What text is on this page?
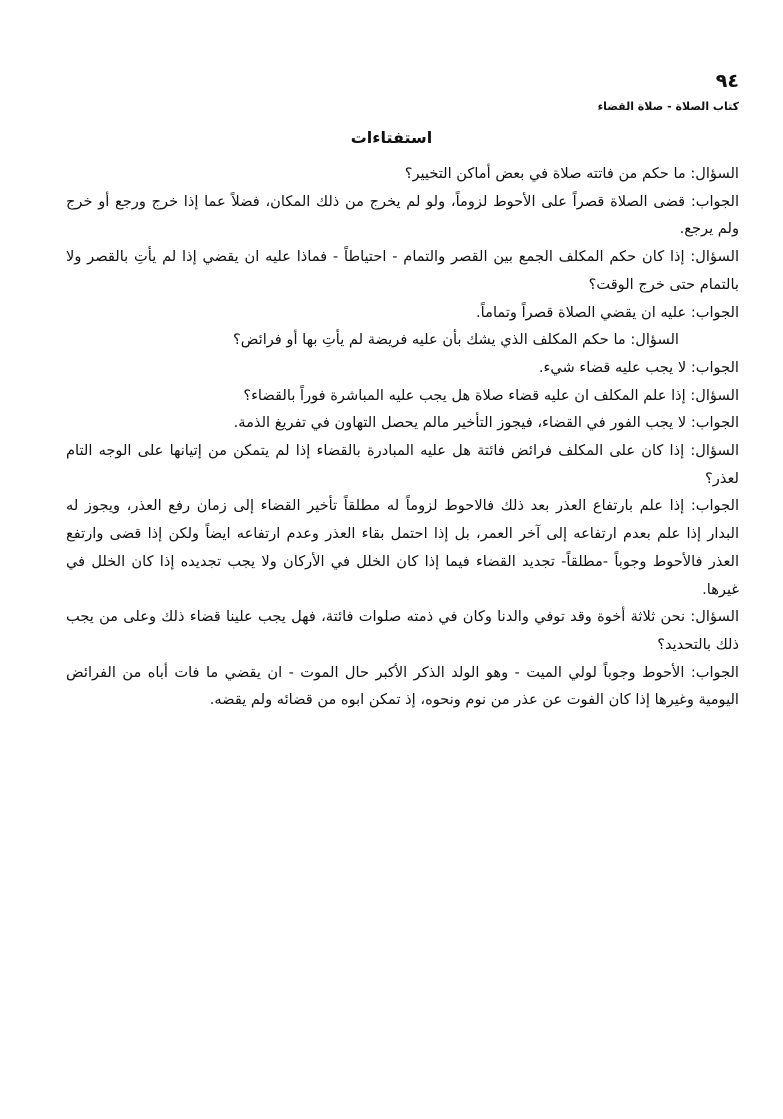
٩٤
كتاب الصلاة - صلاة القضاء
استفتاءات

السؤال: ما حكم من فاتته صلاة في بعض أماكن التخيير؟

الجواب: قضى الصلاة قصراً على الأحوط لزوماً، ولو لم يخرج من ذلك المكان، فضلاً عما إذا خرج ورجع أو خرج ولم يرجع.

السؤال: إذا كان حكم المكلف الجمع بين القصر والتمام - احتياطاً - فماذا عليه ان يقضي إذا لم يأتِ بالقصر ولا بالتمام حتى خرج الوقت؟

الجواب: عليه ان يقضي الصلاة قصراً وتماماً.

السؤال: ما حكم المكلف الذي يشك بأن عليه فريضة لم يأتِ بها أو فرائض؟

الجواب: لا يجب عليه قضاء شيء.

السؤال: إذا علم المكلف ان عليه قضاء صلاة هل يجب عليه المباشرة فوراً بالقضاء؟

الجواب: لا يجب الفور في القضاء، فيجوز التأخير مالم يحصل التهاون في تفريغ الذمة.

السؤال: إذا كان على المكلف فرائض فائتة هل عليه المبادرة بالقضاء إذا لم يتمكن من إتيانها على الوجه التام لعذر؟

الجواب: إذا علم بارتفاع العذر بعد ذلك فالاحوط لزوماً له مطلقاً تأخير القضاء إلى زمان رفع العذر، ويجوز له البدار إذا علم بعدم ارتفاعه إلى آخر العمر، بل إذا احتمل بقاء العذر وعدم ارتفاعه ايضاً ولكن إذا قضى وارتفع العذر فالأحوط وجوباً -مطلقاً- تجديد القضاء فيما إذا كان الخلل في الأركان ولا يجب تجديده إذا كان الخلل في غيرها.

السؤال: نحن ثلاثة أخوة وقد توفي والدنا وكان في ذمته صلوات فائتة، فهل يجب علينا قضاء ذلك وعلى من يجب ذلك بالتحديد؟

الجواب: الأحوط وجوباً لولي الميت - وهو الولد الذكر الأكبر حال الموت - ان يقضي ما فات أباه من الفرائض اليومية وغيرها إذا كان الفوت عن عذر من نوم ونحوه، إذ تمكن ابوه من قضائه ولم يقضه.
